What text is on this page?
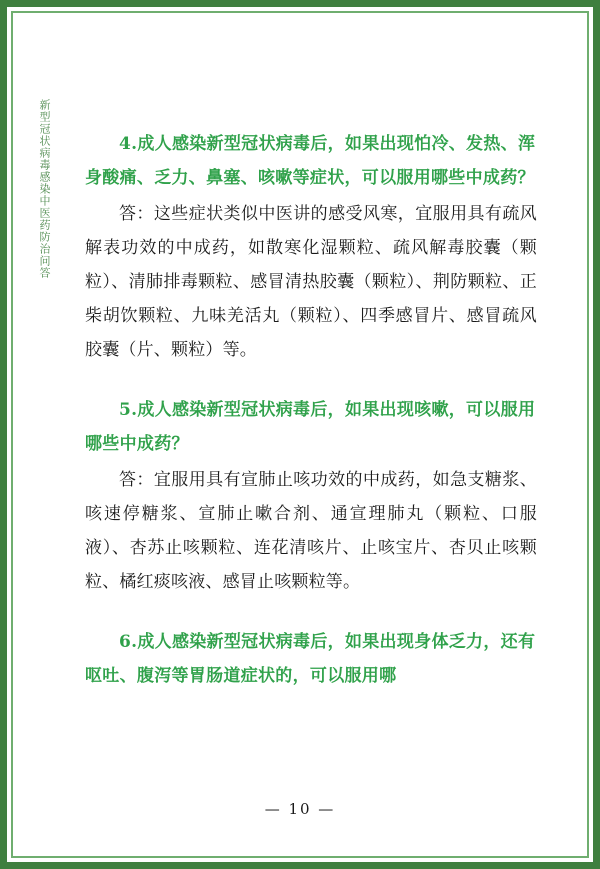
新型冠状病毒感染中医药防治问答	4.成人感染新型冠状病毒后，如果出现怕冷、发热、浑身酸痛、乏力、鼻塞、咳嗽等症状，可以服用哪些中成药？
答：这些症状类似中医讲的感受风寒，宜服用具有疏风解表功效的中成药，如散寒化湿颗粒、疏风解毒胶囊（颗粒）、清肺排毒颗粒、感冒清热胶囊（颗粒）、荆防颗粒、正柴胡饮颗粒、九味羌活丸（颗粒）、四季感冒片、感冒疏风胶囊（片、颗粒）等。
5.成人感染新型冠状病毒后，如果出现咳嗽，可以服用哪些中成药？
答：宜服用具有宣肺止咳功效的中成药，如急支糖浆、咳速停糖浆、宣肺止嗽合剂、通宣理肺丸（颗粒、口服液）、杏苏止咳颗粒、连花清咳片、止咳宝片、杏贝止咳颗粒、橘红痰咳液、感冒止咳颗粒等。
6.成人感染新型冠状病毒后，如果出现身体乏力，还有呕吐、腹泻等胃肠道症状的，可以服用哪
— 10 —
